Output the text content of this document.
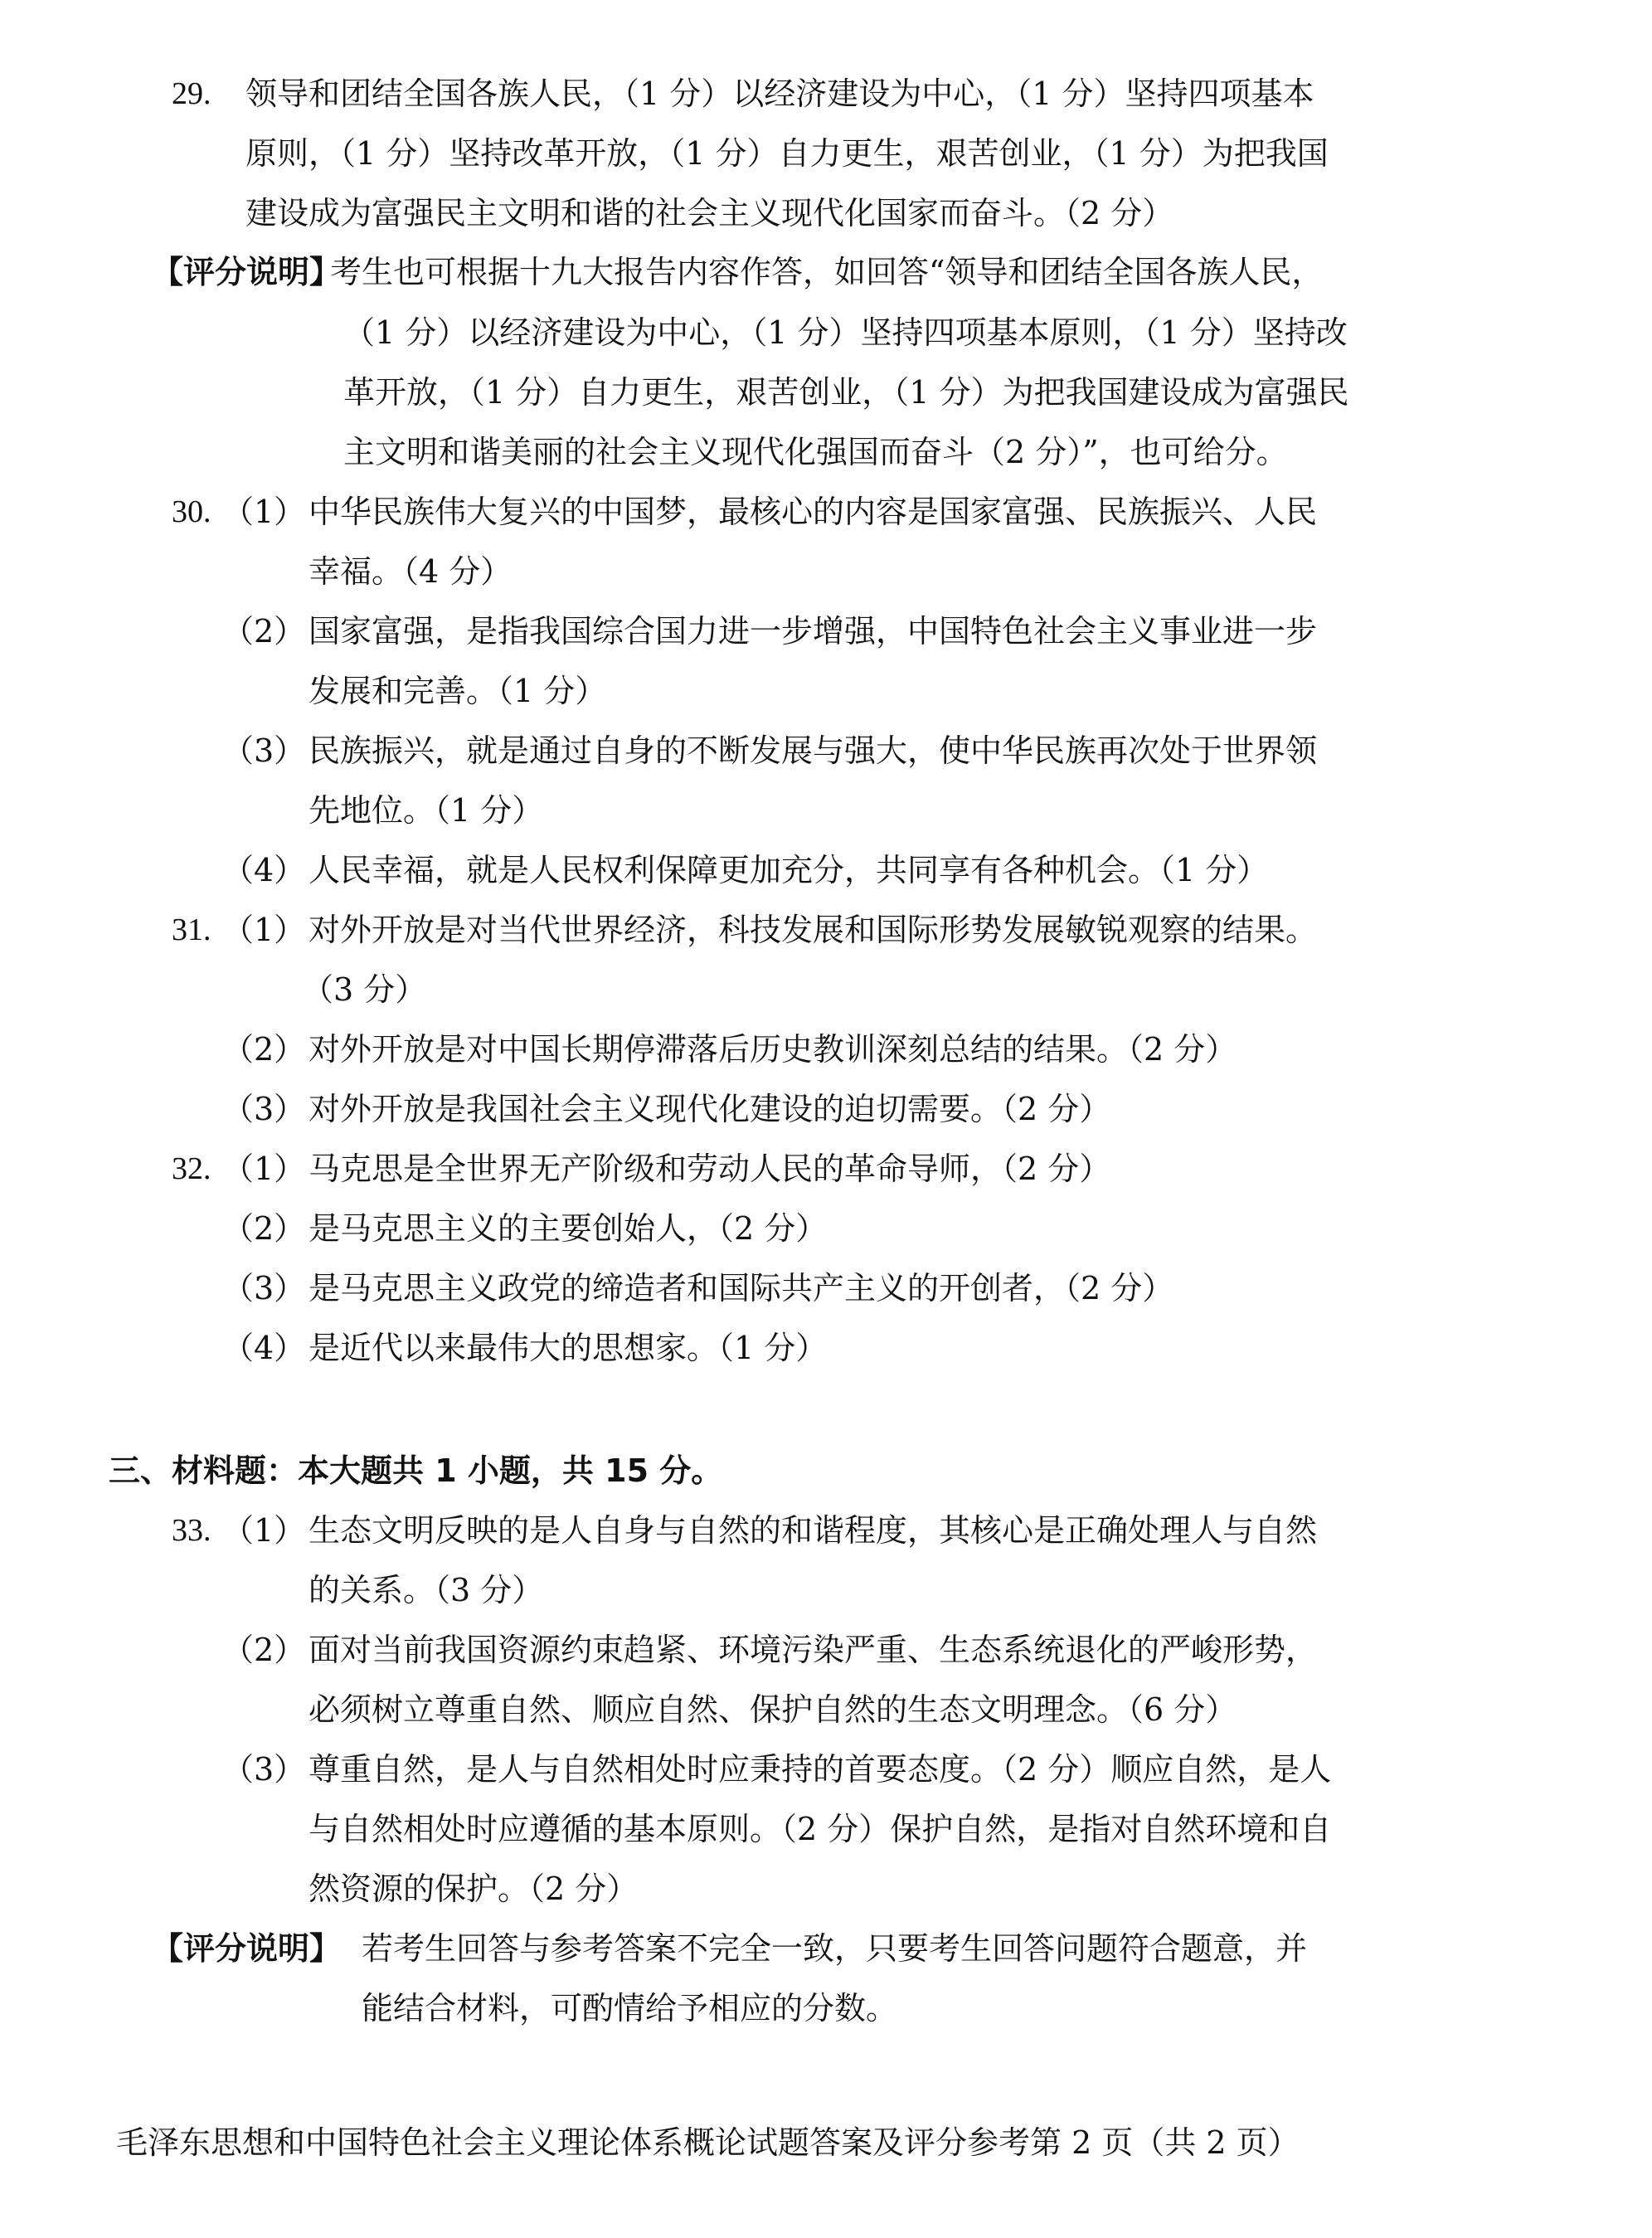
​
29. 领导和团结全国各族人民，（1 分）以经济建设为中心，（1 分）坚持四项基本
原则，（1 分）坚持改革开放，（1 分）自力更生，艰苦创业，（1 分）为把我国
建设成为富强民主文明和谐的社会主义现代化国家而奋斗。（2 分）
【评分说明】
考生也可根据十九大报告内容作答，如回答“领导和团结全国各族人民，
（1 分）以经济建设为中心，（1 分）坚持四项基本原则，（1 分）坚持改
革开放，（1 分）自力更生，艰苦创业，（1 分）为把我国建设成为富强民
主文明和谐美丽的社会主义现代化强国而奋斗（2 分）”，也可给分。
30. （1） 中华民族伟大复兴的中国梦，最核心的内容是国家富强、民族振兴、人民
幸福。（4 分）
（2） 国家富强，是指我国综合国力进一步增强，中国特色社会主义事业进一步
发展和完善。（1 分）
（3） 民族振兴，就是通过自身的不断发展与强大，使中华民族再次处于世界领
先地位。（1 分）
（4） 人民幸福，就是人民权利保障更加充分，共同享有各种机会。（1 分）
31. （1） 对外开放是对当代世界经济，科技发展和国际形势发展敏锐观察的结果。
（3 分）
（2） 对外开放是对中国长期停滞落后历史教训深刻总结的结果。（2 分）
（3） 对外开放是我国社会主义现代化建设的迫切需要。（2 分）
32. （1） 马克思是全世界无产阶级和劳动人民的革命导师，（2 分）
（2） 是马克思主义的主要创始人，（2 分）
（3） 是马克思主义政党的缔造者和国际共产主义的开创者，（2 分）
（4） 是近代以来最伟大的思想家。（1 分）
三、材料题：本大题共 1 小题，共 15 分。
33. （1） 生态文明反映的是人自身与自然的和谐程度，其核心是正确处理人与自然
的关系。（3 分）
（2） 面对当前我国资源约束趋紧、环境污染严重、生态系统退化的严峻形势，
必须树立尊重自然、顺应自然、保护自然的生态文明理念。（6 分）
（3） 尊重自然，是人与自然相处时应秉持的首要态度。（2 分）顺应自然，是人
与自然相处时应遵循的基本原则。（2 分）保护自然，是指对自然环境和自
然资源的保护。（2 分）
【评分说明】 若考生回答与参考答案不完全一致，只要考生回答问题符合题意，并
能结合材料，可酌情给予相应的分数。
毛泽东思想和中国特色社会主义理论体系概论试题答案及评分参考第 2 页（共 2 页）
